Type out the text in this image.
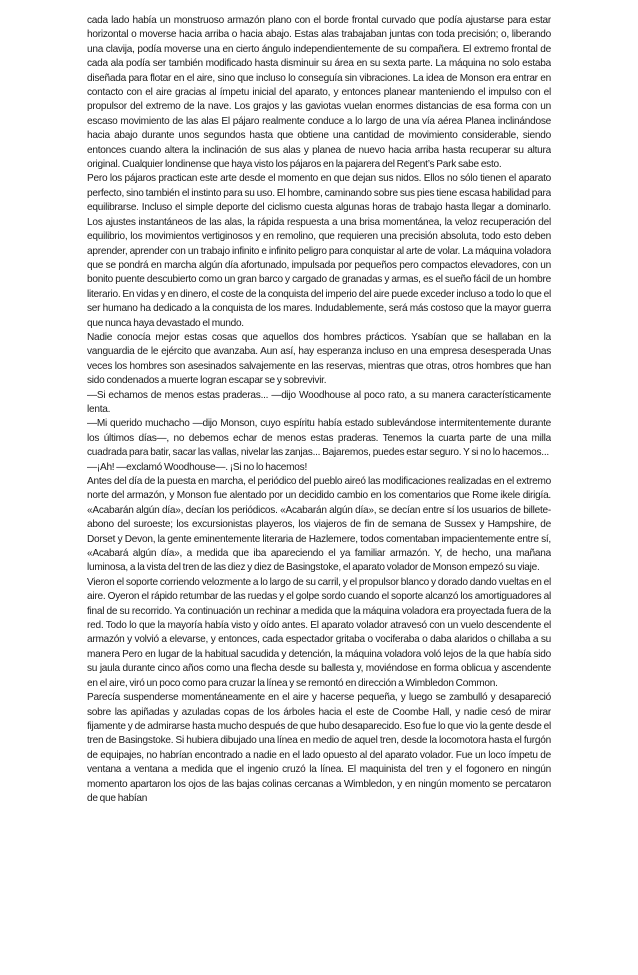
cada lado había un monstruoso armazón plano con el borde frontal curvado que podía ajustarse para estar horizontal o moverse hacia arriba o hacia abajo. Estas alas trabajaban juntas con toda precisión; o, liberando una clavija, podía moverse una en cierto ángulo independientemente de su compañera. El extremo frontal de cada ala podía ser también modificado hasta disminuir su área en su sexta parte. La máquina no solo estaba diseñada para flotar en el aire, sino que incluso lo conseguía sin vibraciones. La idea de Monson era entrar en contacto con el aire gracias al ímpetu inicial del aparato, y entonces planear manteniendo el impulso con el propulsor del extremo de la nave. Los grajos y las gaviotas vuelan enormes distancias de esa forma con un escaso movimiento de las alas El pájaro realmente conduce a lo largo de una vía aérea Planea inclinándose hacia abajo durante unos segundos hasta que obtiene una cantidad de movimiento considerable, siendo entonces cuando altera la inclinación de sus alas y planea de nuevo hacia arriba hasta recuperar su altura original. Cualquier londinense que haya visto los pájaros en la pajarera del Regent’s Park sabe esto.

Pero los pájaros practican este arte desde el momento en que dejan sus nidos. Ellos no sólo tienen el aparato perfecto, sino también el instinto para su uso. El hombre, caminando sobre sus pies tiene escasa habilidad para equilibrarse. Incluso el simple deporte del ciclismo cuesta algunas horas de trabajo hasta llegar a dominarlo. Los ajustes instantáneos de las alas, la rápida respuesta a una brisa momentánea, la veloz recuperación del equilibrio, los movimientos vertiginosos y en remolino, que requieren una precisión absoluta, todo esto deben aprender, aprender con un trabajo infinito e infinito peligro para conquistar al arte de volar. La máquina voladora que se pondrá en marcha algún día afortunado, impulsada por pequeños pero compactos elevadores, con un bonito puente descubierto como un gran barco y cargado de granadas y armas, es el sueño fácil de un hombre literario. En vidas y en dinero, el coste de la conquista del imperio del aire puede exceder incluso a todo lo que el ser humano ha dedicado a la conquista de los mares. Indudablemente, será más costoso que la mayor guerra que nunca haya devastado el mundo.

Nadie conocía mejor estas cosas que aquellos dos hombres prácticos. Ysabían que se hallaban en la vanguardia de le ejército que avanzaba. Aun así, hay esperanza incluso en una empresa desesperada Unas veces los hombres son asesinados salvajemente en las reservas, mientras que otras, otros hombres que han sido condenados a muerte logran escapar se y sobrevivir.

—Si echamos de menos estas praderas... —dijo Woodhouse al poco rato, a su manera característicamente lenta.

—Mi querido muchacho —dijo Monson, cuyo espíritu había estado sublevándose intermitentemente durante los últimos días—, no debemos echar de menos estas praderas. Tenemos la cuarta parte de una milla cuadrada para batir, sacar las vallas, nivelar las zanjas... Bajaremos, puedes estar seguro. Y si no lo hacemos...

—¡Ah! —exclamó Woodhouse—. ¡Si no lo hacemos!

Antes del día de la puesta en marcha, el periódico del pueblo aireó las modificaciones realizadas en el extremo norte del armazón, y Monson fue alentado por un decidido cambio en los comentarios que Rome ikele dirigía. «Acabarán algún día», decían los periódicos. «Acabarán algún día», se decían entre sí los usuarios de billete-abono del suroeste; los excursionistas playeros, los viajeros de fin de semana de Sussex y Hampshire, de Dorset y Devon, la gente eminentemente literaria de Hazlemere, todos comentaban impacientemente entre sí, «Acabará algún día», a medida que iba apareciendo el ya familiar armazón. Y, de hecho, una mañana luminosa, a la vista del tren de las diez y diez de Basingstoke, el aparato volador de Monson empezó su viaje.

Vieron el soporte corriendo velozmente a lo largo de su carril, y el propulsor blanco y dorado dando vueltas en el aire. Oyeron el rápido retumbar de las ruedas y el golpe sordo cuando el soporte alcanzó los amortiguadores al final de su recorrido. Ya continuación un rechinar a medida que la máquina voladora era proyectada fuera de la red. Todo lo que la mayoría había visto y oído antes. El aparato volador atravesó con un vuelo descendente el armazón y volvió a elevarse, y entonces, cada espectador gritaba o vociferaba o daba alaridos o chillaba a su manera Pero en lugar de la habitual sacudida y detención, la máquina voladora voló lejos de la que había sido su jaula durante cinco años como una flecha desde su ballesta y, moviéndose en forma oblicua y ascendente en el aire, viró un poco como para cruzar la línea y se remontó en dirección a Wimbledon Common.

Parecía suspenderse momentáneamente en el aire y hacerse pequeña, y luego se zambulló y desapareció sobre las apiñadas y azuladas copas de los árboles hacia el este de Coombe Hall, y nadie cesó de mirar fijamente y de admirarse hasta mucho después de que hubo desaparecido. Eso fue lo que vio la gente desde el tren de Basingstoke. Si hubiera dibujado una línea en medio de aquel tren, desde la locomotora hasta el furgón de equipajes, no habrían encontrado a nadie en el lado opuesto al del aparato volador. Fue un loco ímpetu de ventana a ventana a medida que el ingenio cruzó la línea. El maquinista del tren y el fogonero en ningún momento apartaron los ojos de las bajas colinas cercanas a Wimbledon, y en ningún momento se percataron de que habían
